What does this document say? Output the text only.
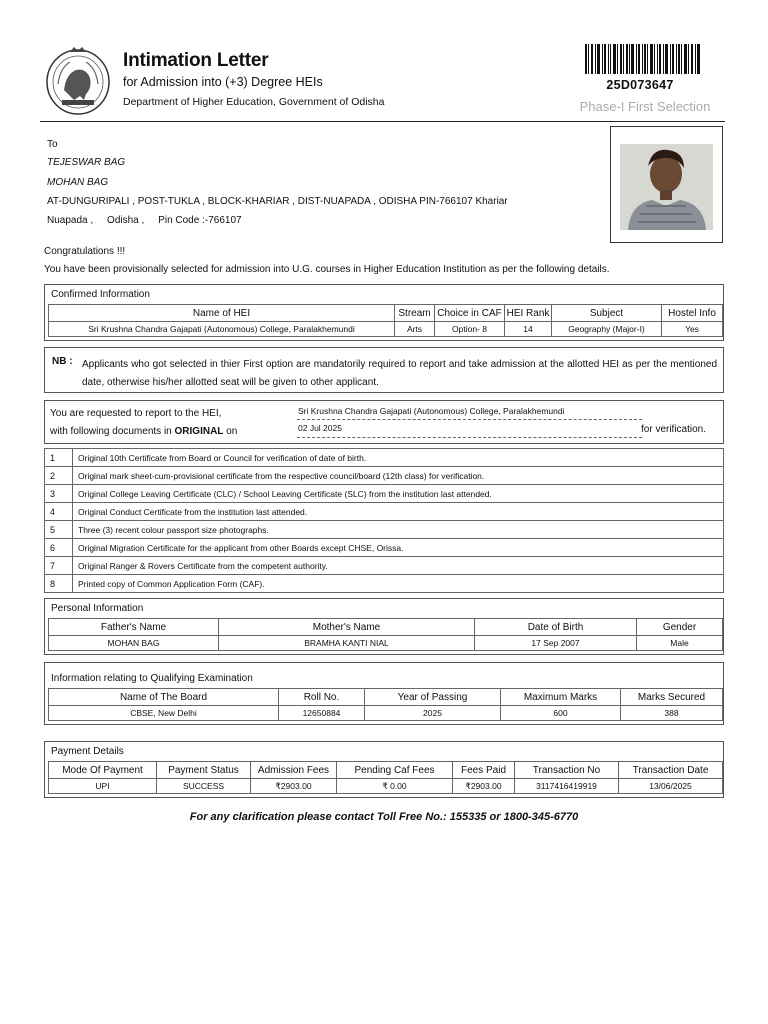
Intimation Letter
for Admission into (+3) Degree HEIs
Department of Higher Education, Government of Odisha
25D073647
Phase-I First Selection
To
TEJESWAR BAG
MOHAN BAG
AT-DUNGURIPALI , POST-TUKLA , BLOCK-KHARIAR , DIST-NUAPADA , ODISHA PIN-766107 Khariar
Nuapada ,     Odisha ,     Pin Code :-766107
Congratulations !!!
You have been provisionally selected for admission into U.G. courses in Higher Education Institution as per the following details.
Confirmed Information
Name of HEI	Stream	Choice in CAF	HEI Rank	Subject	Hostel Info
Sri Krushna Chandra Gajapati (Autonomous) College, Paralakhemundi	Arts	Option- 8	14	Geography (Major-I)	Yes
NB : Applicants who got selected in thier First option are mandatorily required to report and take admission at the allotted HEI as per the mentioned date, otherwise his/her allotted seat will be given to other applicant.
You are requested to report to the HEI,
with following documents in ORIGINAL on
Sri Krushna Chandra Gajapati (Autonomous) College, Paralakhemundi
02 Jul 2025	for verification.
1	Original 10th Certificate from Board or Council for verification of date of birth.
2	Original mark sheet-cum-provisional certificate from the respective council/board (12th class) for verification.
3	Original College Leaving Certificate (CLC) / School Leaving Certificate (SLC) from the institution last attended.
4	Original Conduct Certificate from the institution last attended.
5	Three (3) recent colour passport size photographs.
6	Original Migration Certificate for the applicant from other Boards except CHSE, Orissa.
7	Original Ranger & Rovers Certificate from the competent authority.
8	Printed copy of Common Application Form (CAF).
Personal Information
Father's Name	Mother's Name	Date of Birth	Gender
MOHAN BAG	BRAMHA KANTI NIAL	17 Sep 2007	Male
Information relating to Qualifying Examination
Name of The Board	Roll No.	Year of Passing	Maximum Marks	Marks Secured
CBSE, New Delhi	12650884	2025	600	388
Payment Details
Mode Of Payment	Payment Status	Admission Fees	Pending Caf Fees	Fees Paid	Transaction No	Transaction Date
UPI	SUCCESS	₹2903.00	₹ 0.00	₹2903.00	3117416419919	13/06/2025
For any clarification please contact Toll Free No.: 155335 or 1800-345-6770
